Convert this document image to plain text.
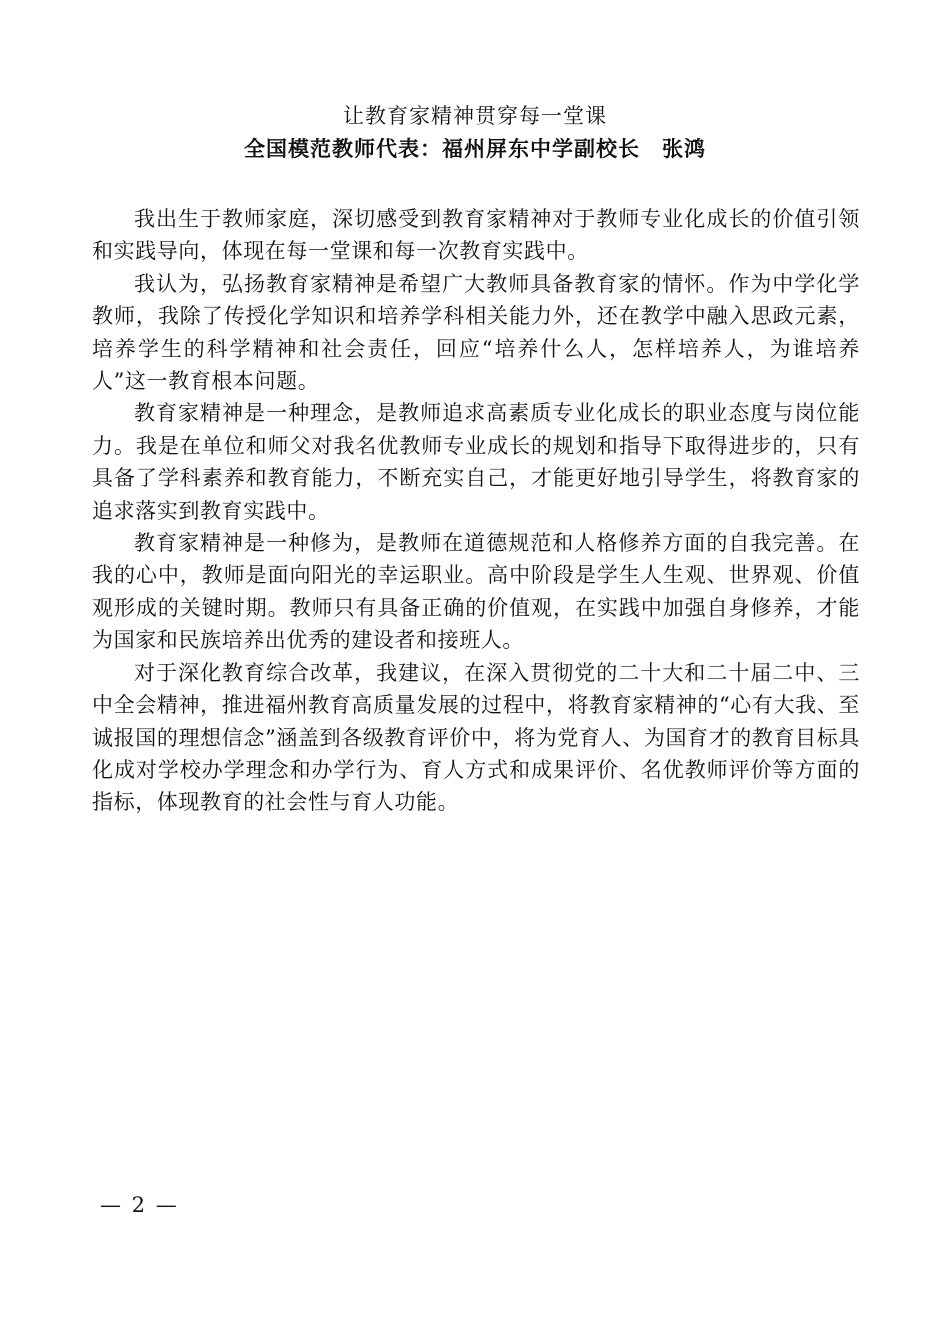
让教育家精神贯穿每一堂课
全国模范教师代表：福州屏东中学副校长 张鸿

我出生于教师家庭，深切感受到教育家精神对于教师专业化成长的价值引领和实践导向，体现在每一堂课和每一次教育实践中。

我认为，弘扬教育家精神是希望广大教师具备教育家的情怀。作为中学化学教师，我除了传授化学知识和培养学科相关能力外，还在教学中融入思政元素，培养学生的科学精神和社会责任，回应“培养什么人，怎样培养人，为谁培养人”这一教育根本问题。

教育家精神是一种理念，是教师追求高素质专业化成长的职业态度与岗位能力。我是在单位和师父对我名优教师专业成长的规划和指导下取得进步的，只有具备了学科素养和教育能力，不断充实自己，才能更好地引导学生，将教育家的追求落实到教育实践中。

教育家精神是一种修为，是教师在道德规范和人格修养方面的自我完善。在我的心中，教师是面向阳光的幸运职业。高中阶段是学生人生观、世界观、价值观形成的关键时期。教师只有具备正确的价值观，在实践中加强自身修养，才能为国家和民族培养出优秀的建设者和接班人。

对于深化教育综合改革，我建议，在深入贯彻党的二十大和二十届二中、三中全会精神，推进福州教育高质量发展的过程中，将教育家精神的“心有大我、至诚报国的理想信念”涵盖到各级教育评价中，将为党育人、为国育才的教育目标具化成对学校办学理念和办学行为、育人方式和成果评价、名优教师评价等方面的指标，体现教育的社会性与育人功能。

— 2 —
